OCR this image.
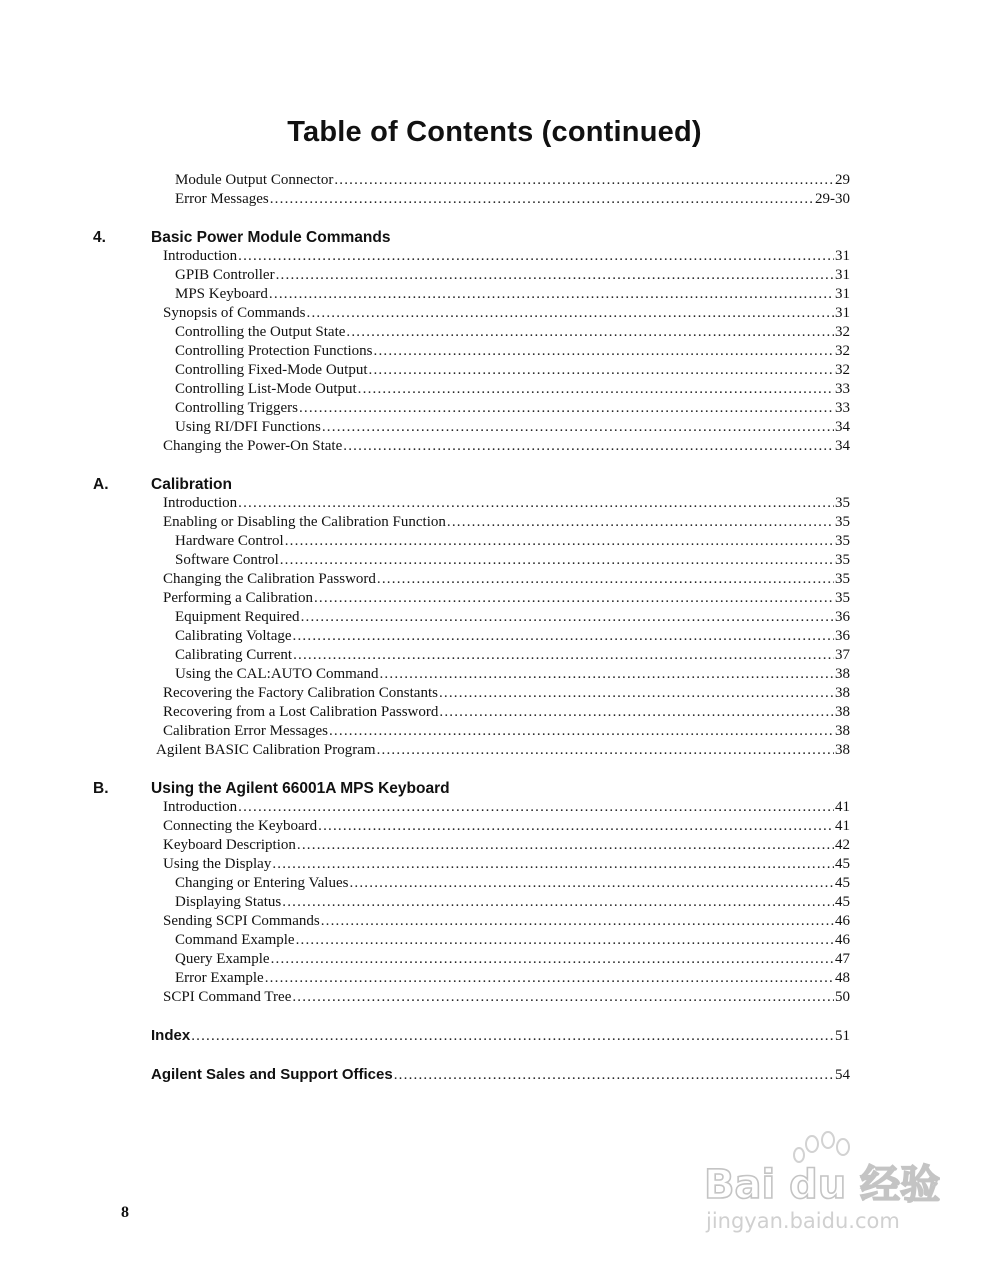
Table of Contents (continued)
Module Output Connector .....	29
Error Messages .....	29-30
4.	Basic Power Module Commands
Introduction .....	31
GPIB Controller .....	31
MPS Keyboard .....	31
Synopsis of Commands .....	31
Controlling the Output State .....	32
Controlling Protection Functions .....	32
Controlling Fixed-Mode Output .....	32
Controlling List-Mode Output .....	33
Controlling Triggers .....	33
Using RI/DFI Functions .....	34
Changing the Power-On State .....	34
A.	Calibration
Introduction .....	35
Enabling or Disabling the Calibration Function .....	35
Hardware Control .....	35
Software Control .....	35
Changing the Calibration Password .....	35
Performing a Calibration .....	35
Equipment Required .....	36
Calibrating Voltage .....	36
Calibrating Current .....	37
Using the CAL:AUTO Command .....	38
Recovering the Factory Calibration Constants .....	38
Recovering from a Lost Calibration Password .....	38
Calibration Error Messages .....	38
Agilent BASIC Calibration Program .....	38
B.	Using the Agilent 66001A MPS Keyboard
Introduction .....	41
Connecting the Keyboard .....	41
Keyboard Description .....	42
Using the Display .....	45
Changing or Entering Values .....	45
Displaying Status .....	45
Sending SCPI Commands .....	46
Command Example .....	46
Query Example .....	47
Error Example .....	48
SCPI Command Tree .....	50
Index .....	51
Agilent Sales and Support Offices .....	54
8
Bai du 经验
jingyan.baidu.com
